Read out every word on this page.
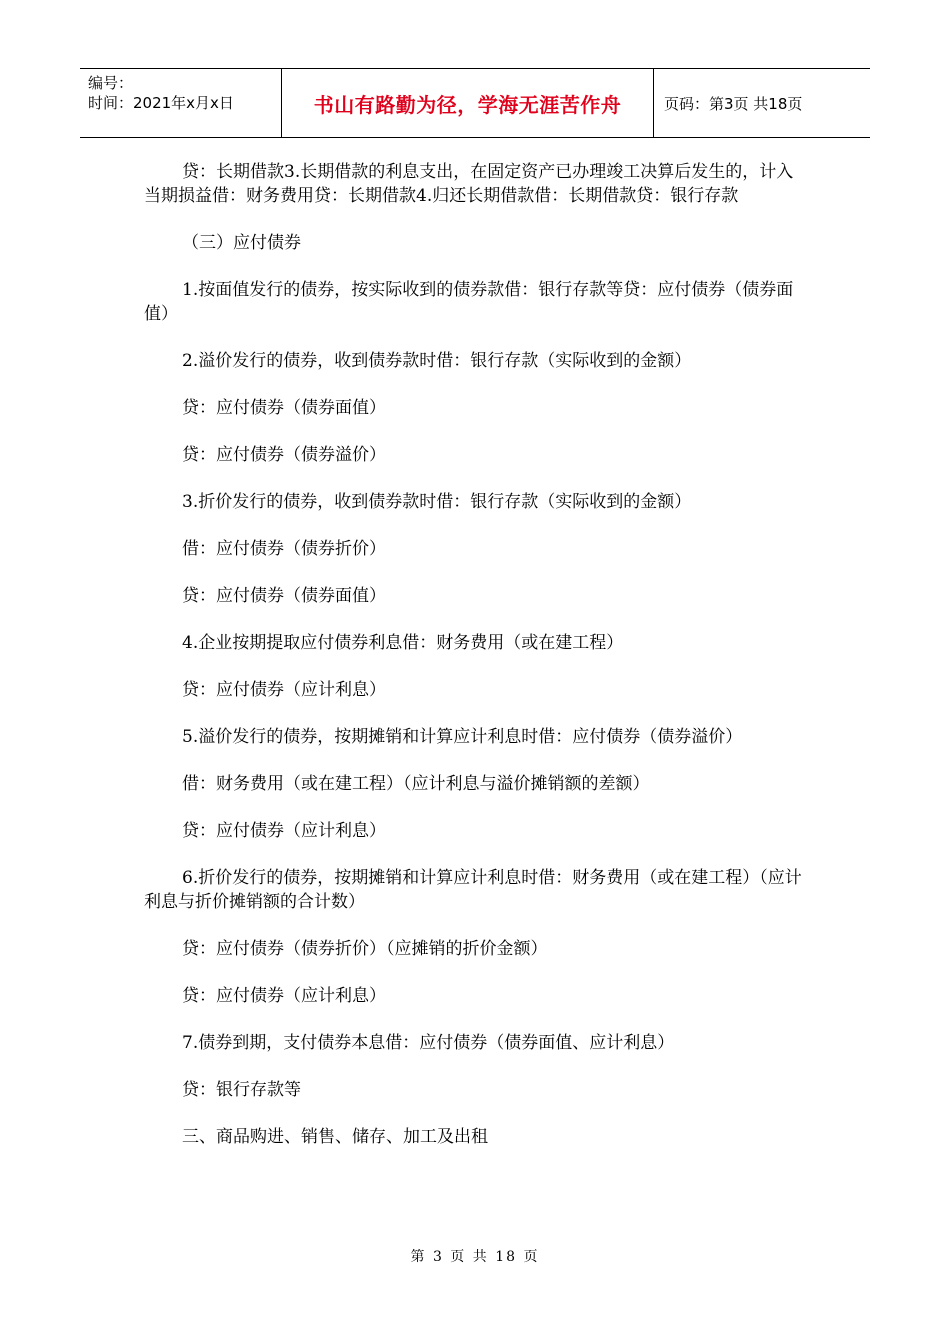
编号：
时间：2021年x月x日	书山有路勤为径，学海无涯苦作舟	页码：第3页 共18页

贷：长期借款3.长期借款的利息支出，在固定资产已办理竣工决算后发生的，计入当期损益借：财务费用贷：长期借款4.归还长期借款借：长期借款贷：银行存款

（三）应付债券

1.按面值发行的债券，按实际收到的债券款借：银行存款等贷：应付债券（债券面值）

2.溢价发行的债券，收到债券款时借：银行存款（实际收到的金额）

贷：应付债券（债券面值）

贷：应付债券（债券溢价）

3.折价发行的债券，收到债券款时借：银行存款（实际收到的金额）

借：应付债券（债券折价）

贷：应付债券（债券面值）

4.企业按期提取应付债券利息借：财务费用（或在建工程）

贷：应付债券（应计利息）

5.溢价发行的债券，按期摊销和计算应计利息时借：应付债券（债券溢价）

借：财务费用（或在建工程）（应计利息与溢价摊销额的差额）

贷：应付债券（应计利息）

6.折价发行的债券，按期摊销和计算应计利息时借：财务费用（或在建工程）（应计利息与折价摊销额的合计数）

贷：应付债券（债券折价）（应摊销的折价金额）

贷：应付债券（应计利息）

7.债券到期，支付债券本息借：应付债券（债券面值、应计利息）

贷：银行存款等

三、商品购进、销售、储存、加工及出租

第 3 页 共 18 页
